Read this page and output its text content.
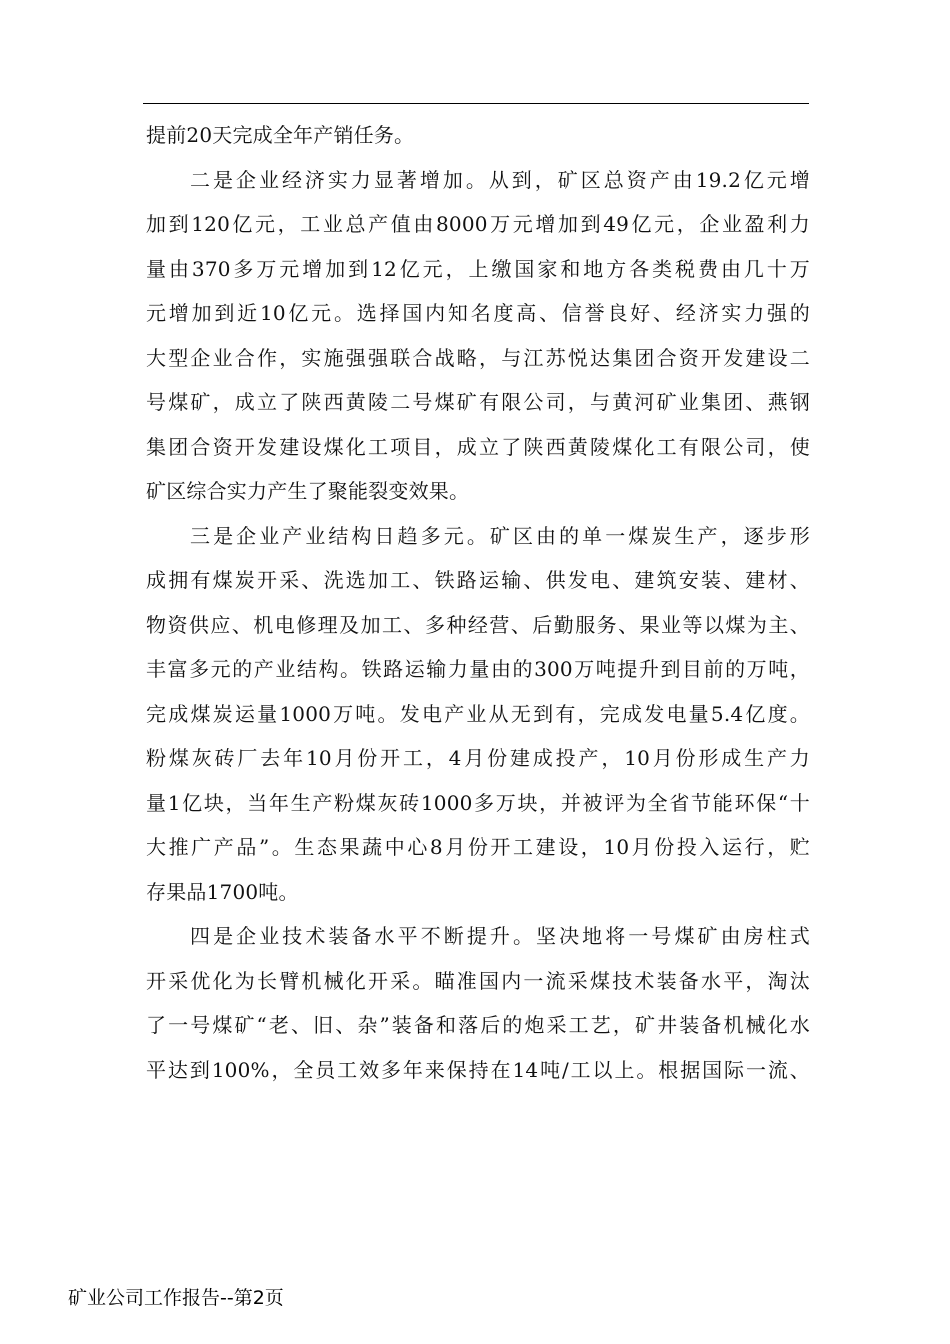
提前20天完成全年产销任务。
二是企业经济实力显著增加。从到，矿区总资产由19.2亿元增
加到120亿元，工业总产值由8000万元增加到49亿元，企业盈利力
量由370多万元增加到12亿元，上缴国家和地方各类税费由几十万
元增加到近10亿元。选择国内知名度高、信誉良好、经济实力强的
大型企业合作，实施强强联合战略，与江苏悦达集团合资开发建设二
号煤矿，成立了陕西黄陵二号煤矿有限公司，与黄河矿业集团、燕钢
集团合资开发建设煤化工项目，成立了陕西黄陵煤化工有限公司，使
矿区综合实力产生了聚能裂变效果。
三是企业产业结构日趋多元。矿区由的单一煤炭生产，逐步形
成拥有煤炭开采、洗选加工、铁路运输、供发电、建筑安装、建材、
物资供应、机电修理及加工、多种经营、后勤服务、果业等以煤为主、
丰富多元的产业结构。铁路运输力量由的300万吨提升到目前的万吨，
完成煤炭运量1000万吨。发电产业从无到有，完成发电量5.4亿度。
粉煤灰砖厂去年10月份开工，4月份建成投产，10月份形成生产力
量1亿块，当年生产粉煤灰砖1000多万块，并被评为全省节能环保“十
大推广产品”。生态果蔬中心8月份开工建设，10月份投入运行，贮
存果品1700吨。
四是企业技术装备水平不断提升。坚决地将一号煤矿由房柱式
开采优化为长臂机械化开采。瞄准国内一流采煤技术装备水平，淘汰
了一号煤矿“老、旧、杂”装备和落后的炮采工艺，矿井装备机械化水
平达到100%，全员工效多年来保持在14吨/工以上。根据国际一流、
矿业公司工作报告--第2页
